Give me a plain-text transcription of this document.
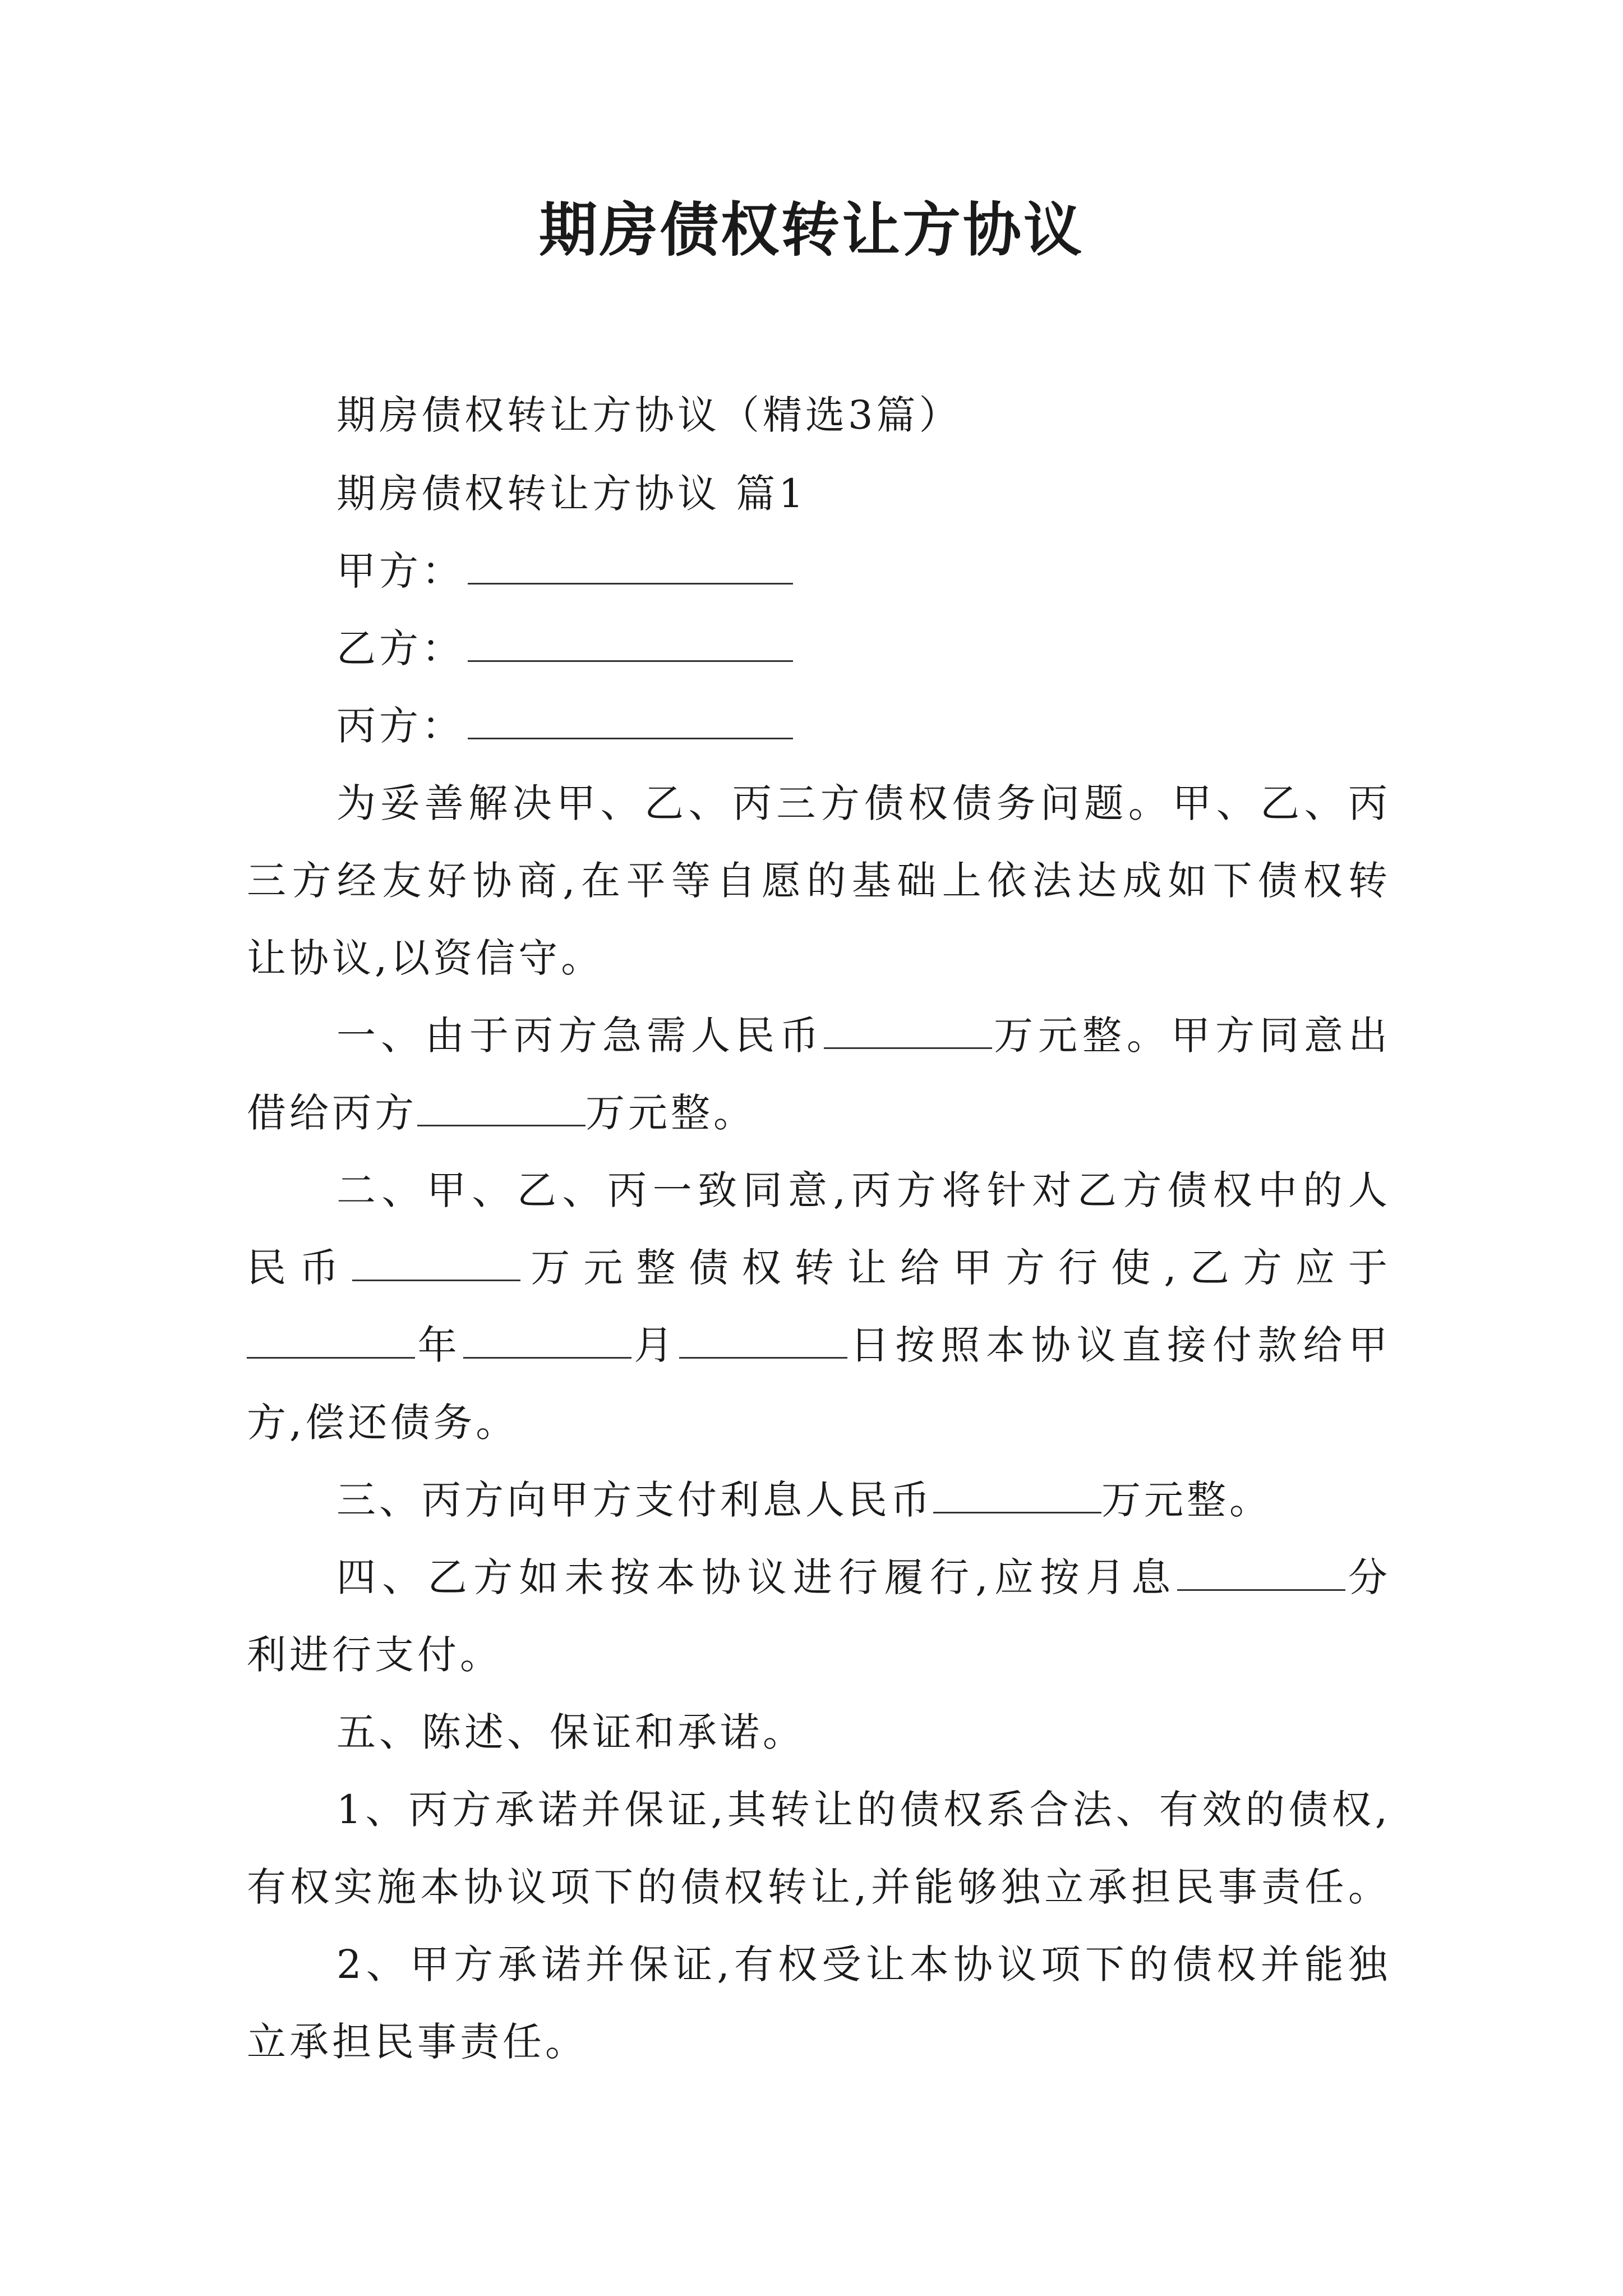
期房债权转让方协议
期房债权转让方协议（精选3篇）
期房债权转让方协议 篇1
甲方：
乙方：
丙方：
为妥善解决甲、乙、丙三方债权债务问题。甲、乙、丙
三方经友好协商,在平等自愿的基础上依法达成如下债权转
让协议,以资信守。
一、由于丙方急需人民币	万元整。甲方同意出
借给丙方	万元整。
二、甲、乙、丙一致同意,丙方将针对乙方债权中的人
民币	万元整债权转让给甲方行使,乙方应于
年	月	日按照本协议直接付款给甲
方,偿还债务。
三、丙方向甲方支付利息人民币	万元整。
四、乙方如未按本协议进行履行,应按月息	分
利进行支付。
五、陈述、保证和承诺。
1、丙方承诺并保证,其转让的债权系合法、有效的债权,
有权实施本协议项下的债权转让,并能够独立承担民事责任。
2、甲方承诺并保证,有权受让本协议项下的债权并能独
立承担民事责任。
